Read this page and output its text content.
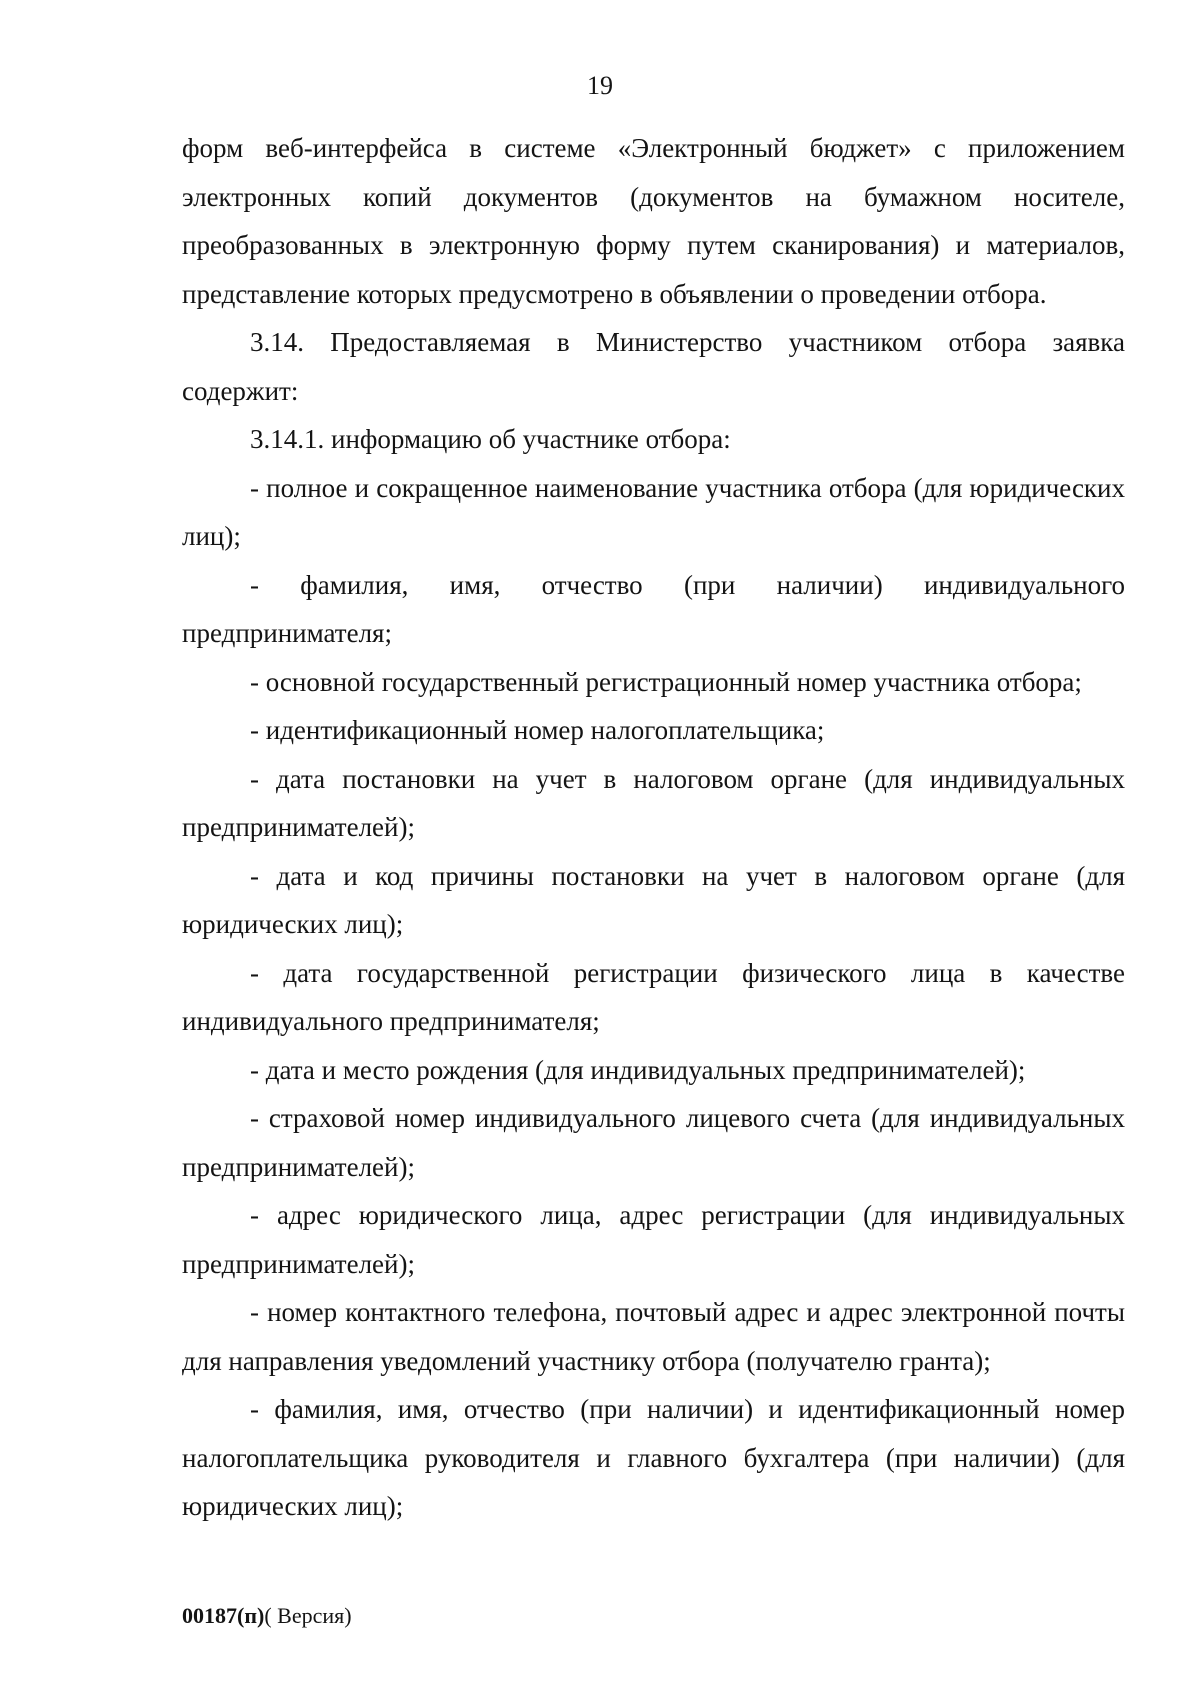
19

форм веб-интерфейса в системе «Электронный бюджет» с приложением электронных копий документов (документов на бумажном носителе, преобразованных в электронную форму путем сканирования) и материалов, представление которых предусмотрено в объявлении о проведении отбора.

3.14. Предоставляемая в Министерство участником отбора заявка содержит:

3.14.1. информацию об участнике отбора:

- полное и сокращенное наименование участника отбора (для юридических лиц);

- фамилия, имя, отчество (при наличии) индивидуального предпринимателя;

- основной государственный регистрационный номер участника отбора;

- идентификационный номер налогоплательщика;

- дата постановки на учет в налоговом органе (для индивидуальных предпринимателей);

- дата и код причины постановки на учет в налоговом органе (для юридических лиц);

- дата государственной регистрации физического лица в качестве индивидуального предпринимателя;

- дата и место рождения (для индивидуальных предпринимателей);

- страховой номер индивидуального лицевого счета (для индивидуальных предпринимателей);

- адрес юридического лица, адрес регистрации (для индивидуальных предпринимателей);

- номер контактного телефона, почтовый адрес и адрес электронной почты для направления уведомлений участнику отбора (получателю гранта);

- фамилия, имя, отчество (при наличии) и идентификационный номер налогоплательщика руководителя и главного бухгалтера (при наличии) (для юридических лиц);

00187(п)( Версия)
